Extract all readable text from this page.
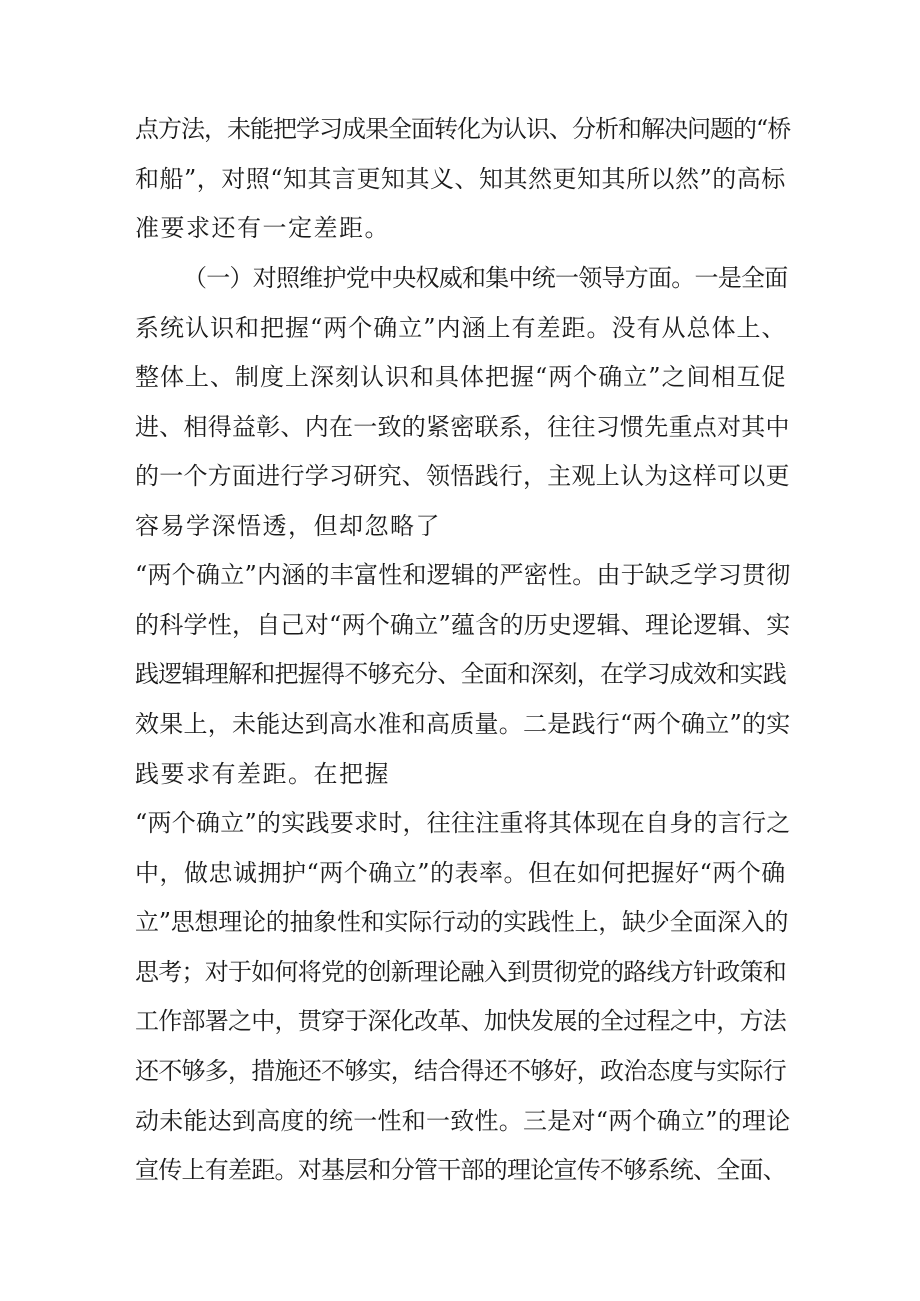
点方法，未能把学习成果全面转化为认识、分析和解决问题的“桥
和船”，对照“知其言更知其义、知其然更知其所以然”的高标
准要求还有一定差距。
（一）对照维护党中央权威和集中统一领导方面。一是全面
系统认识和把握“两个确立”内涵上有差距。没有从总体上、
整体上、制度上深刻认识和具体把握“两个确立”之间相互促
进、相得益彰、内在一致的紧密联系，往往习惯先重点对其中
的一个方面进行学习研究、领悟践行，主观上认为这样可以更
容易学深悟透，但却忽略了
“两个确立”内涵的丰富性和逻辑的严密性。由于缺乏学习贯彻
的科学性，自己对“两个确立”蕴含的历史逻辑、理论逻辑、实
践逻辑理解和把握得不够充分、全面和深刻，在学习成效和实践
效果上，未能达到高水准和高质量。二是践行“两个确立”的实
践要求有差距。在把握
“两个确立”的实践要求时，往往注重将其体现在自身的言行之
中，做忠诚拥护“两个确立”的表率。但在如何把握好“两个确
立”思想理论的抽象性和实际行动的实践性上，缺少全面深入的
思考；对于如何将党的创新理论融入到贯彻党的路线方针政策和
工作部署之中，贯穿于深化改革、加快发展的全过程之中，方法
还不够多，措施还不够实，结合得还不够好，政治态度与实际行
动未能达到高度的统一性和一致性。三是对“两个确立”的理论
宣传上有差距。对基层和分管干部的理论宣传不够系统、全面、
